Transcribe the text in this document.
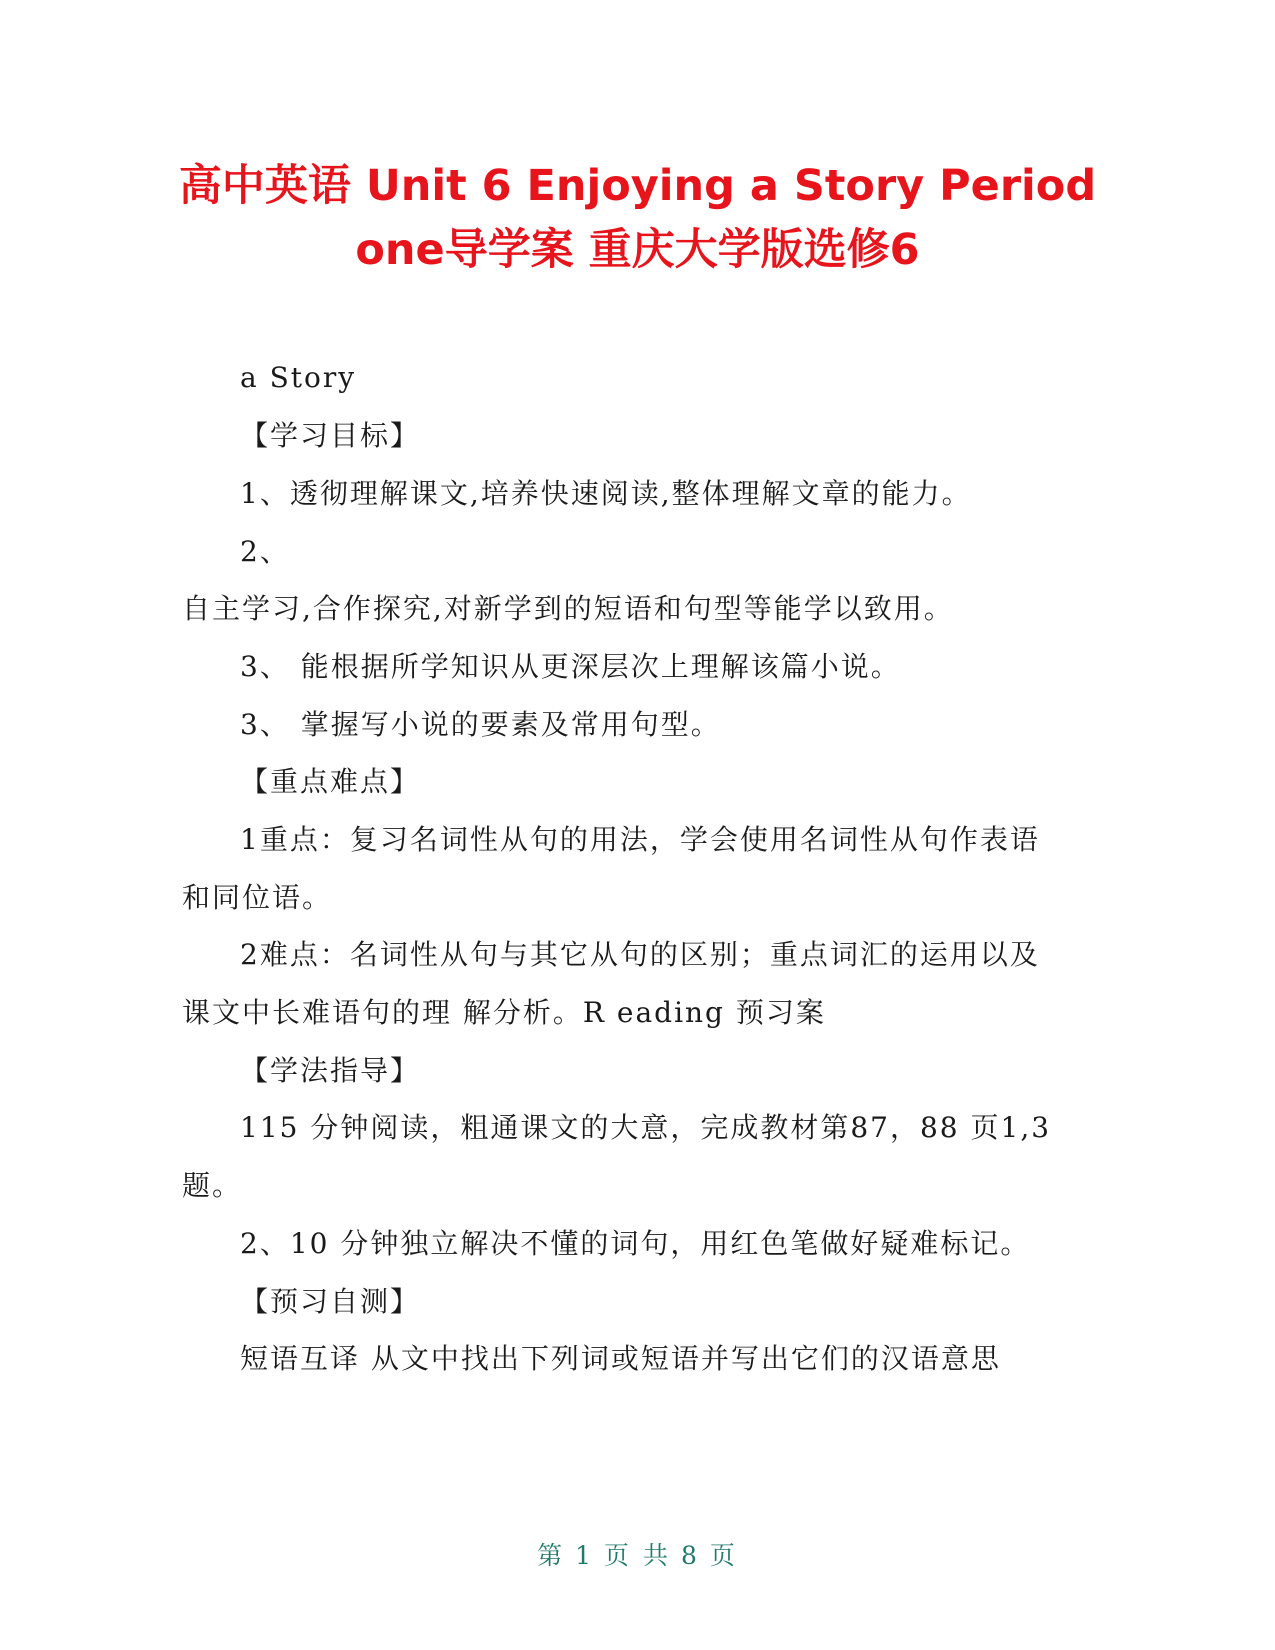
高中英语 Unit 6 Enjoying a Story Period
one导学案 重庆大学版选修6

a Story

【学习目标】

1、透彻理解课文,培养快速阅读,整体理解文章的能力。

2、

自主学习,合作探究,对新学到的短语和句型等能学以致用。

3、 能根据所学知识从更深层次上理解该篇小说。

3、 掌握写小说的要素及常用句型。

【重点难点】

1重点：复习名词性从句的用法，学会使用名词性从句作表语

和同位语。

2难点：名词性从句与其它从句的区别；重点词汇的运用以及

课文中长难语句的理 解分析。R eading 预习案

【学法指导】

115 分钟阅读，粗通课文的大意，完成教材第87，88 页1,3

题。

2、10 分钟独立解决不懂的词句，用红色笔做好疑难标记。

【预习自测】

短语互译 从文中找出下列词或短语并写出它们的汉语意思

第 1 页 共 8 页
